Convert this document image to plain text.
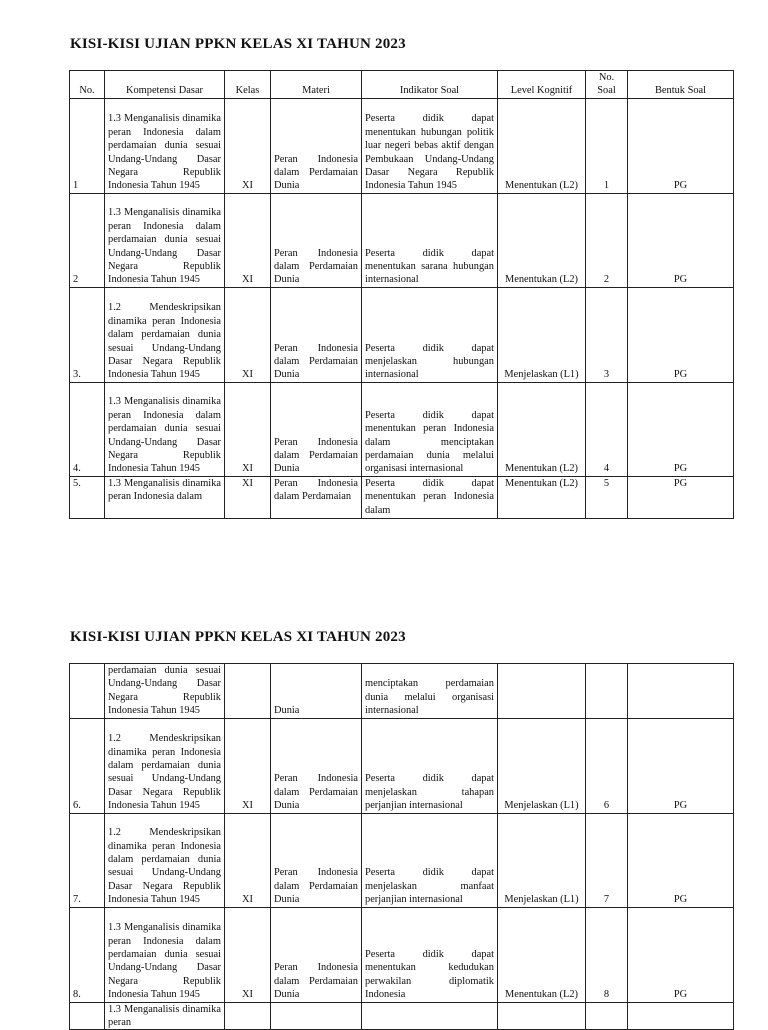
KISI-KISI UJIAN PPKN KELAS XI TAHUN 2023
No.	Kompetensi Dasar	Kelas	Materi	Indikator Soal	Level Kognitif	No. Soal	Bentuk Soal
1	1.3 Menganalisis dinamika peran Indonesia dalam perdamaian dunia sesuai Undang-Undang Dasar Negara Republik Indonesia Tahun 1945	XI	Peran Indonesia dalam Perdamaian Dunia	Peserta didik dapat menentukan hubungan politik luar negeri bebas aktif dengan Pembukaan Undang-Undang Dasar Negara Republik Indonesia Tahun 1945	Menentukan (L2)	1	PG
2	1.3 Menganalisis dinamika peran Indonesia dalam perdamaian dunia sesuai Undang-Undang Dasar Negara Republik Indonesia Tahun 1945	XI	Peran Indonesia dalam Perdamaian Dunia	Peserta didik dapat menentukan sarana hubungan internasional	Menentukan (L2)	2	PG
3.	1.2 Mendeskripsikan dinamika peran Indonesia dalam perdamaian dunia sesuai Undang-Undang Dasar Negara Republik Indonesia Tahun 1945	XI	Peran Indonesia dalam Perdamaian Dunia	Peserta didik dapat menjelaskan hubungan internasional	Menjelaskan (L1)	3	PG
4.	1.3 Menganalisis dinamika peran Indonesia dalam perdamaian dunia sesuai Undang-Undang Dasar Negara Republik Indonesia Tahun 1945	XI	Peran Indonesia dalam Perdamaian Dunia	Peserta didik dapat menentukan peran Indonesia dalam menciptakan perdamaian dunia melalui organisasi internasional	Menentukan (L2)	4	PG
5.	1.3 Menganalisis dinamika peran Indonesia dalam	XI	Peran Indonesia dalam Perdamaian	Peserta didik dapat menentukan peran Indonesia dalam	Menentukan (L2)	5	PG
KISI-KISI UJIAN PPKN KELAS XI TAHUN 2023
	perdamaian dunia sesuai Undang-Undang Dasar Negara Republik Indonesia Tahun 1945		Dunia	menciptakan perdamaian dunia melalui organisasi internasional			
6.	1.2 Mendeskripsikan dinamika peran Indonesia dalam perdamaian dunia sesuai Undang-Undang Dasar Negara Republik Indonesia Tahun 1945	XI	Peran Indonesia dalam Perdamaian Dunia	Peserta didik dapat menjelaskan tahapan perjanjian internasional	Menjelaskan (L1)	6	PG
7.	1.2 Mendeskripsikan dinamika peran Indonesia dalam perdamaian dunia sesuai Undang-Undang Dasar Negara Republik Indonesia Tahun 1945	XI	Peran Indonesia dalam Perdamaian Dunia	Peserta didik dapat menjelaskan manfaat perjanjian internasional	Menjelaskan (L1)	7	PG
8.	1.3 Menganalisis dinamika peran Indonesia dalam perdamaian dunia sesuai Undang-Undang Dasar Negara Republik Indonesia Tahun 1945	XI	Peran Indonesia dalam Perdamaian Dunia	Peserta didik dapat menentukan kedudukan perwakilan diplomatik Indonesia	Menentukan (L2)	8	PG
	1.3 Menganalisis dinamika peran						
